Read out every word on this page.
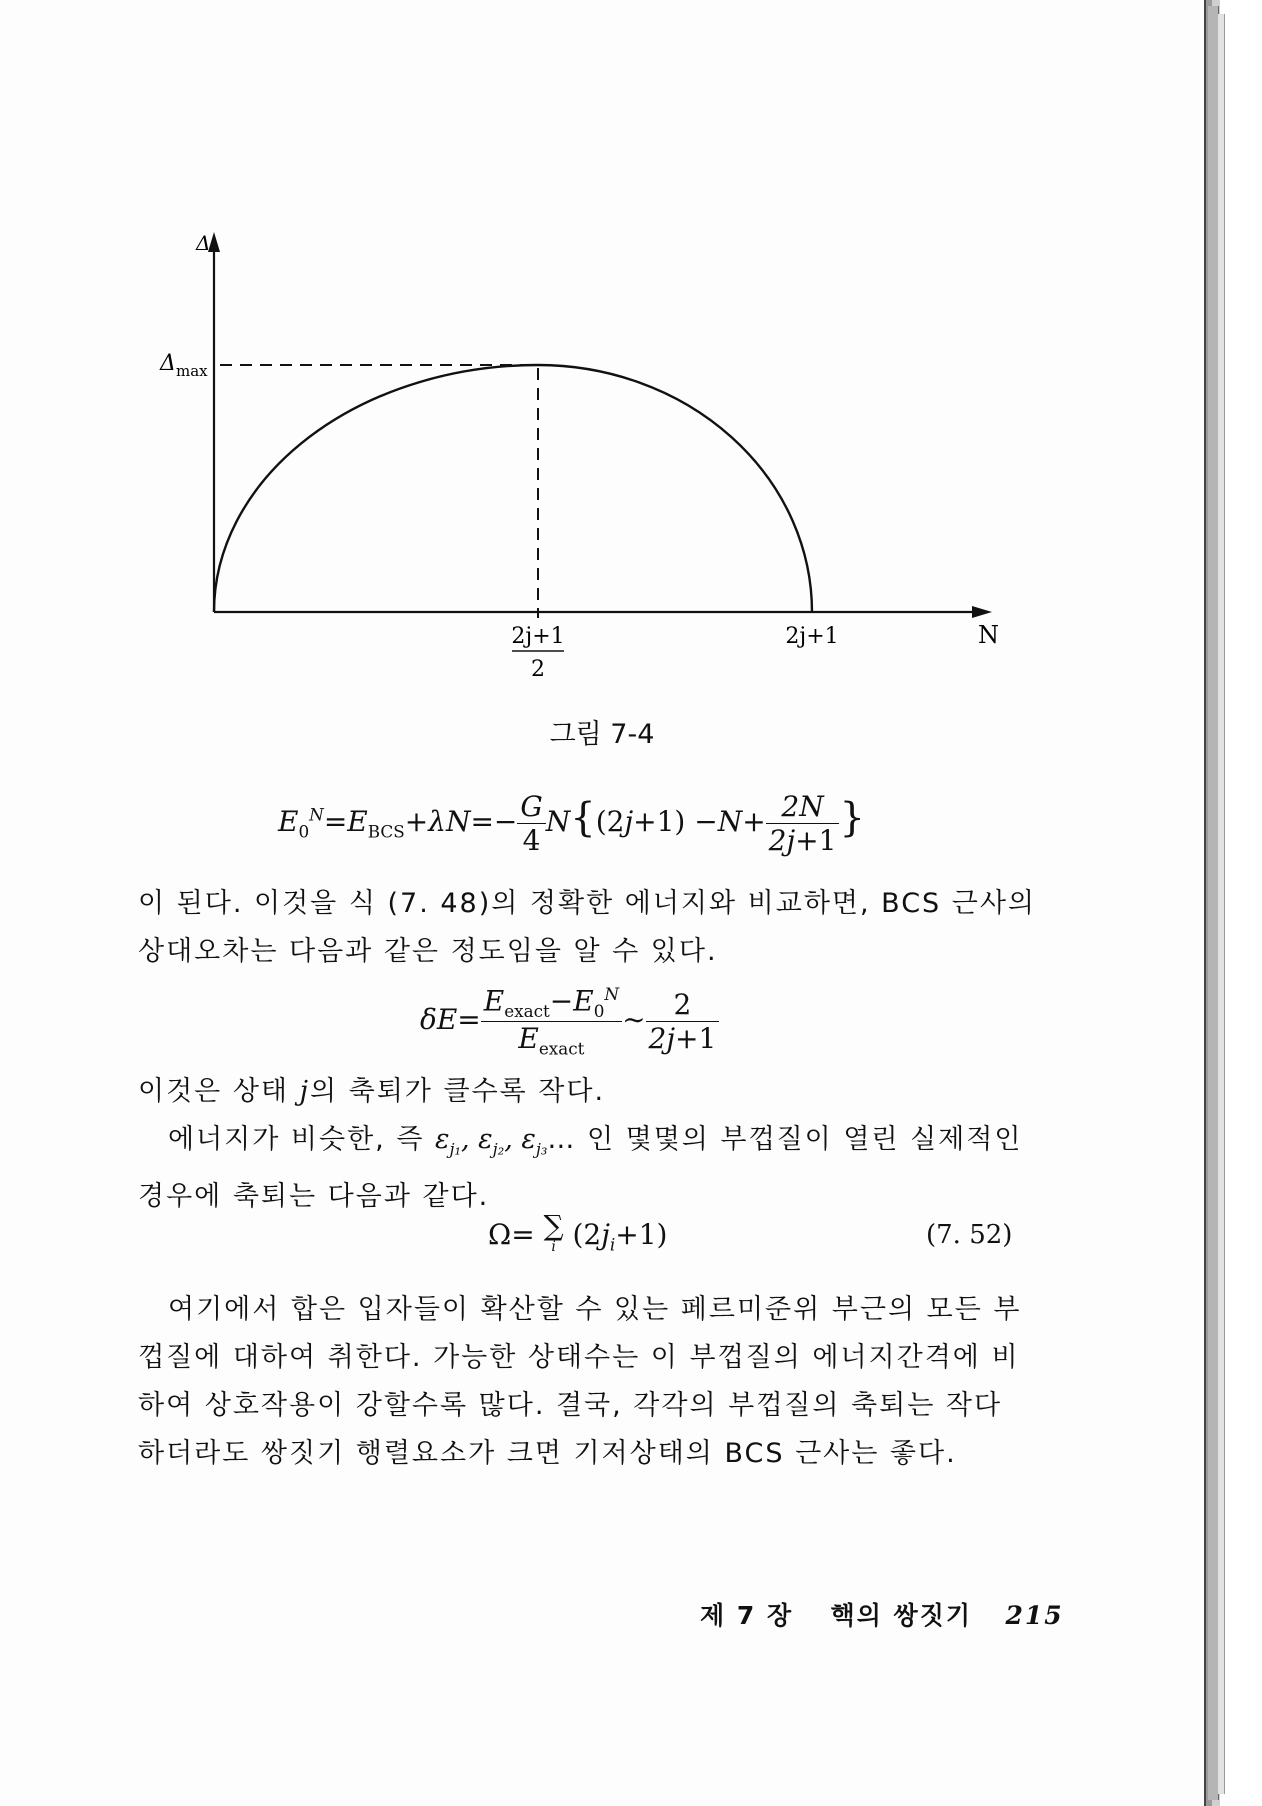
Δ
Δ max
2j+1
2
2j+1	N
그림 7-4
$E_0^N=E_{BCS}+\lambda N=- \frac{G}{4} N\{(2j+1) -N+ \frac{2N}{2j+1}$ }
이 된다. 이것을 식 (7. 48)의 정확한 에너지와 비교하면, BCS 근사의
상대오차는 다음과 같은 정도임을 알 수 있다.
$\delta E= \frac{E_{exact}-E_0^N}{E_{exact}}$ ∼ $\frac{2}{2j+1}$
이것은 상태 j의 축퇴가 클수록 작다.
에너지가 비슷한, 즉 $\varepsilon_{j_1}$, $\varepsilon_{j_2}$, $\varepsilon_{j_3}\dots$ 인 몇몇의 부껍질이 열린 실제적인
경우에 축퇴는 다음과 같다.
Ω= ∑
i $(2j_i+1)$	(7. 52)
여기에서 합은 입자들이 확산할 수 있는 페르미준위 부근의 모든 부
껍질에 대하여 취한다. 가능한 상태수는 이 부껍질의 에너지간격에 비
하여 상호작용이 강할수록 많다. 결국, 각각의 부껍질의 축퇴는 작다
하더라도 쌍짓기 행렬요소가 크면 기저상태의 BCS 근사는 좋다.
제 7 장 핵의 쌍짓기 215
